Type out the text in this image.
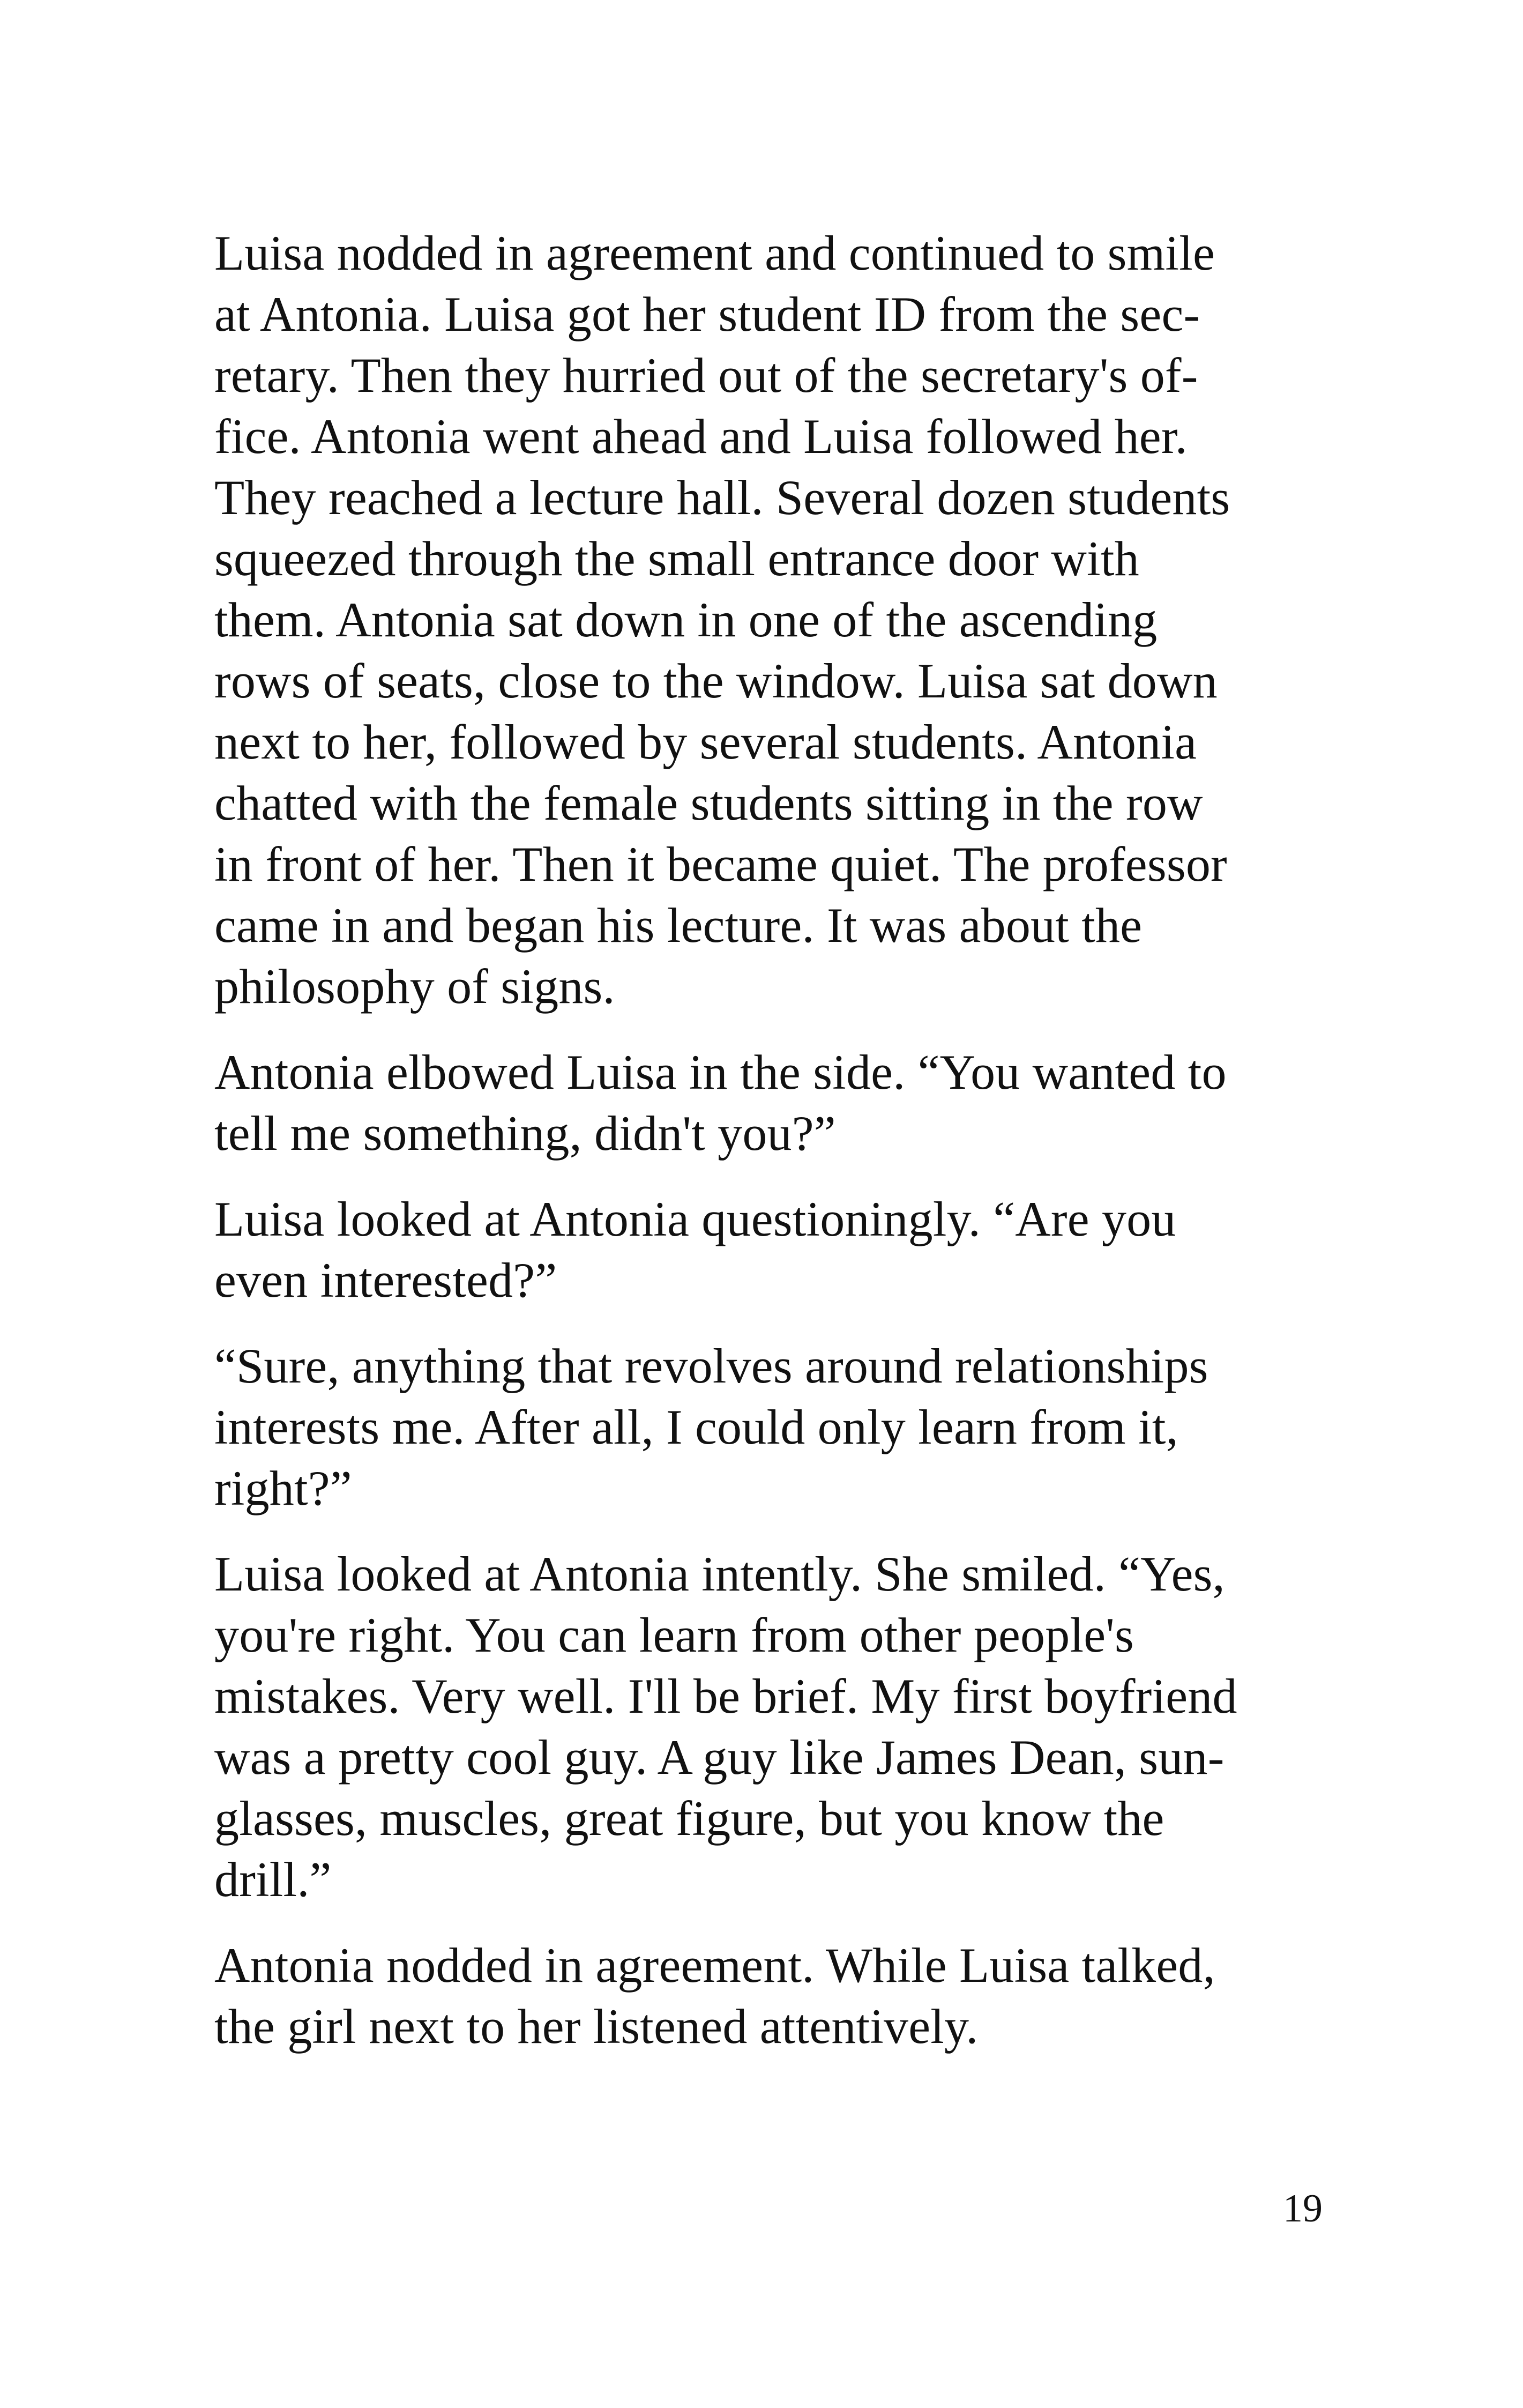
Luisa nodded in agreement and continued to smile
at Antonia. Luisa got her student ID from the sec-
retary. Then they hurried out of the secretary's of-
fice. Antonia went ahead and Luisa followed her.
They reached a lecture hall. Several dozen students
squeezed through the small entrance door with
them. Antonia sat down in one of the ascending
rows of seats, close to the window. Luisa sat down
next to her, followed by several students. Antonia
chatted with the female students sitting in the row
in front of her. Then it became quiet. The professor
came in and began his lecture. It was about the
philosophy of signs.
Antonia elbowed Luisa in the side. “You wanted to
tell me something, didn't you?”
Luisa looked at Antonia questioningly. “Are you
even interested?”
“Sure, anything that revolves around relationships
interests me. After all, I could only learn from it,
right?”
Luisa looked at Antonia intently. She smiled. “Yes,
you're right. You can learn from other people's
mistakes. Very well. I'll be brief. My first boyfriend
was a pretty cool guy. A guy like James Dean, sun-
glasses, muscles, great figure, but you know the
drill.”
Antonia nodded in agreement. While Luisa talked,
the girl next to her listened attentively.
19
